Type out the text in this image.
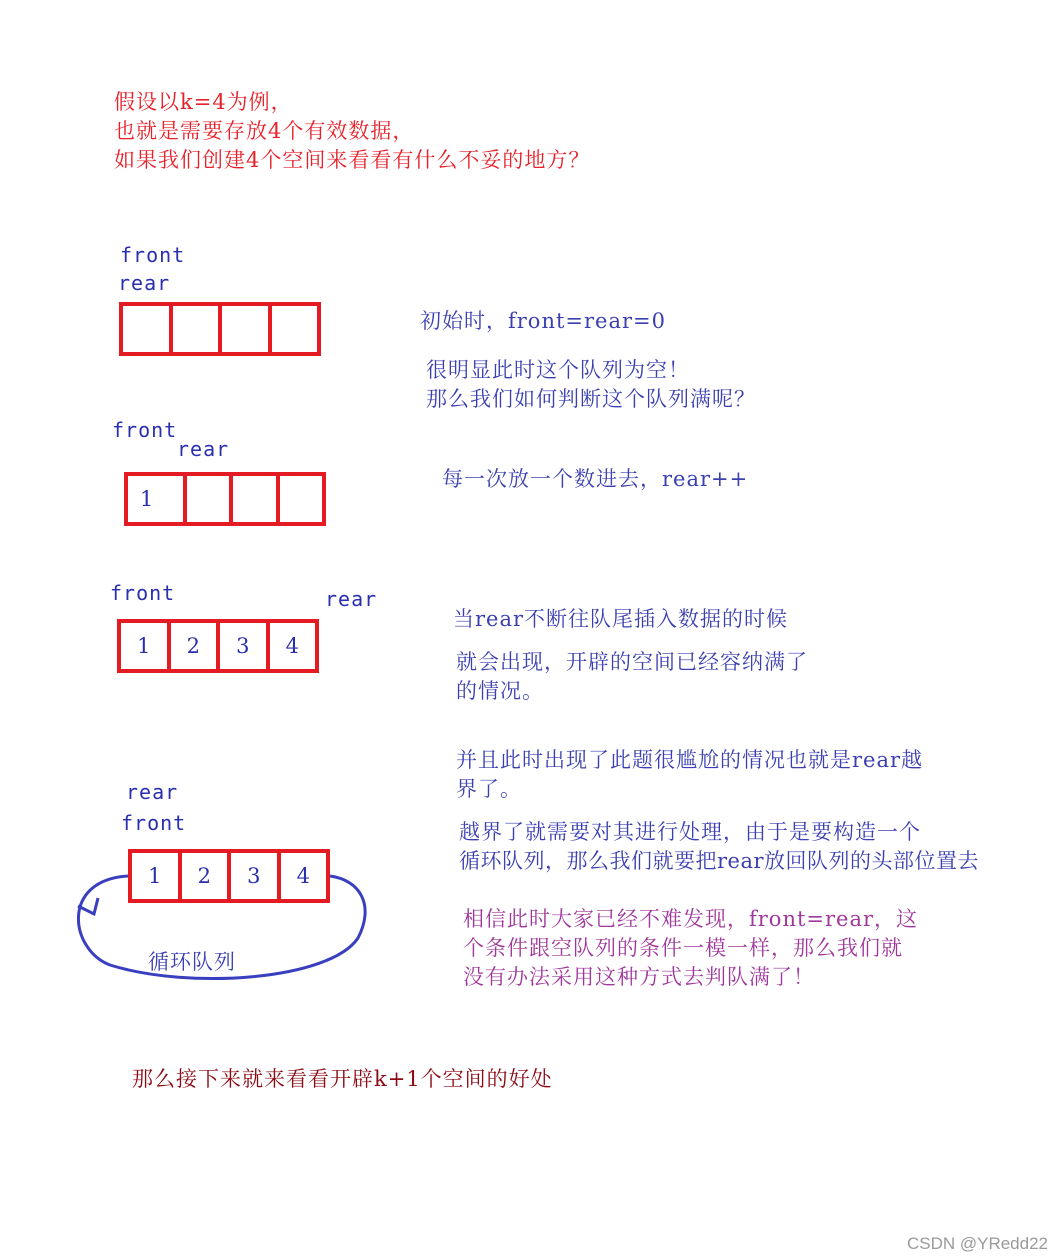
假设以k=4为例，
也就是需要存放4个有效数据，
如果我们创建4个空间来看看有什么不妥的地方？
front
rear
初始时，front=rear=0
很明显此时这个队列为空！
那么我们如何判断这个队列满呢？
front
rear
1
每一次放一个数进去，rear++
front	rear
1	2	3	4
当rear不断往队尾插入数据的时候
就会出现，开辟的空间已经容纳满了
的情况。
并且此时出现了此题很尴尬的情况也就是rear越
界了。
越界了就需要对其进行处理，由于是要构造一个
循环队列，那么我们就要把rear放回队列的头部位置去
rear
front
1	2	3	4
循环队列
相信此时大家已经不难发现，front=rear，这
个条件跟空队列的条件一模一样，那么我们就
没有办法采用这种方式去判队满了！
那么接下来就来看看开辟k+1个空间的好处
CSDN @YRedd22
